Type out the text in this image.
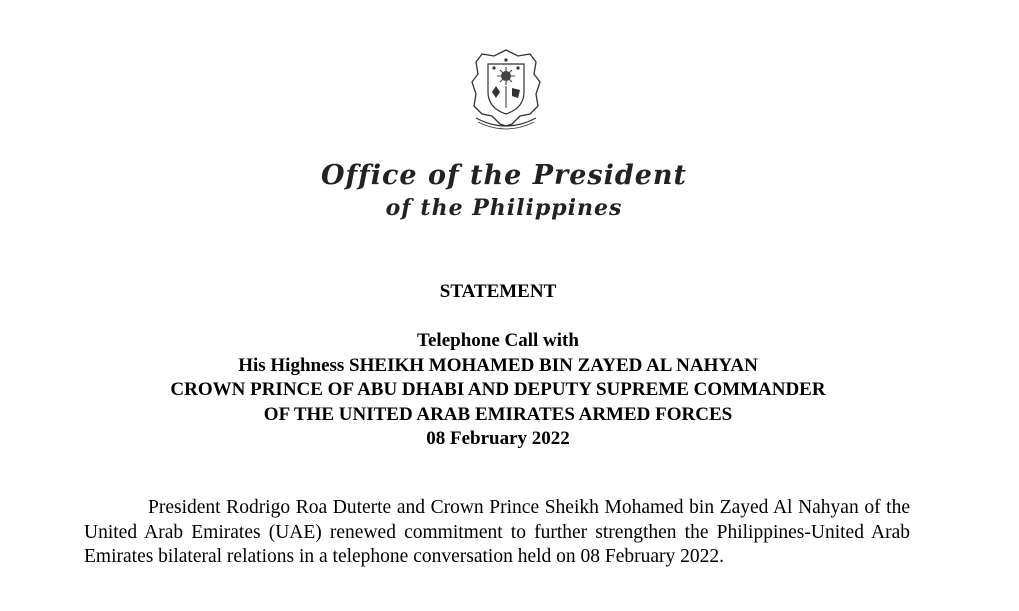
Office of the President

of the Philippines

STATEMENT

Telephone Call with
His Highness SHEIKH MOHAMED BIN ZAYED AL NAHYAN
CROWN PRINCE OF ABU DHABI AND DEPUTY SUPREME COMMANDER
OF THE UNITED ARAB EMIRATES ARMED FORCES
08 February 2022

President Rodrigo Roa Duterte and Crown Prince Sheikh Mohamed bin Zayed Al Nahyan of the United Arab Emirates (UAE) renewed commitment to further strengthen the Philippines-United Arab Emirates bilateral relations in a telephone conversation held on 08 February 2022.
